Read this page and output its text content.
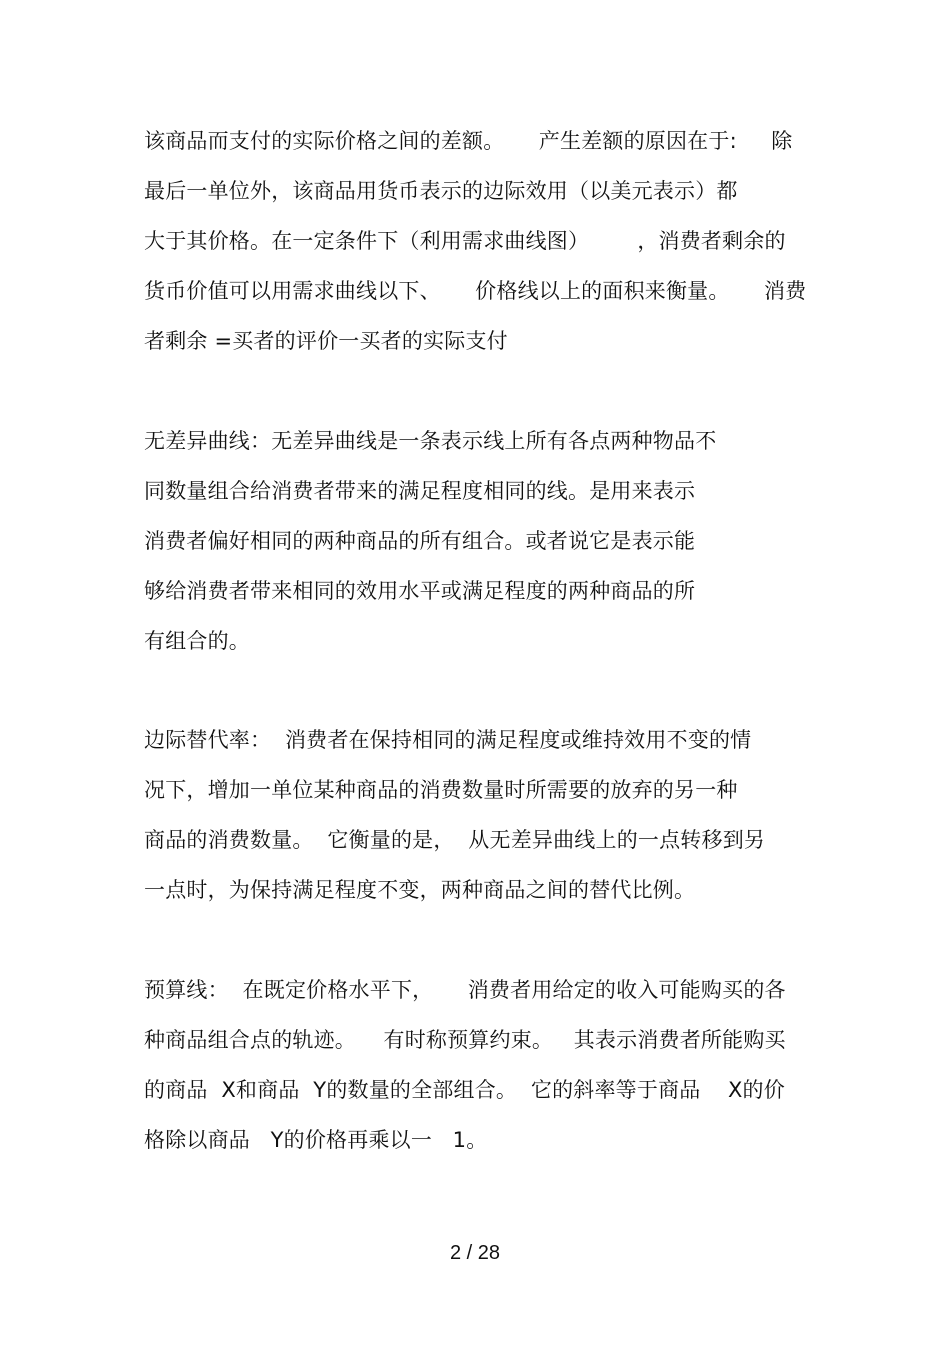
该商品而支付的实际价格之间的差额。     产生差额的原因在于:     除
最后一单位外，该商品用货币表示的边际效用（以美元表示）都
大于其价格。在一定条件下（利用需求曲线图）       ，消费者剩余的
货币价值可以用需求曲线以下、     价格线以上的面积来衡量。     消费
者剩余 =买者的评价一买者的实际支付
无差异曲线：无差异曲线是一条表示线上所有各点两种物品不
同数量组合给消费者带来的满足程度相同的线。是用来表示
消费者偏好相同的两种商品的所有组合。或者说它是表示能
够给消费者带来相同的效用水平或满足程度的两种商品的所
有组合的。
边际替代率：  消费者在保持相同的满足程度或维持效用不变的情
况下，增加一单位某种商品的消费数量时所需要的放弃的另一种
商品的消费数量。  它衡量的是，  从无差异曲线上的一点转移到另
一点时，为保持满足程度不变，两种商品之间的替代比例。
预算线：  在既定价格水平下，     消费者用给定的收入可能购买的各
种商品组合点的轨迹。    有时称预算约束。   其表示消费者所能购买
的商品  X和商品  Y的数量的全部组合。  它的斜率等于商品    X的价
格除以商品   Y的价格再乘以一   1。
2 / 28
